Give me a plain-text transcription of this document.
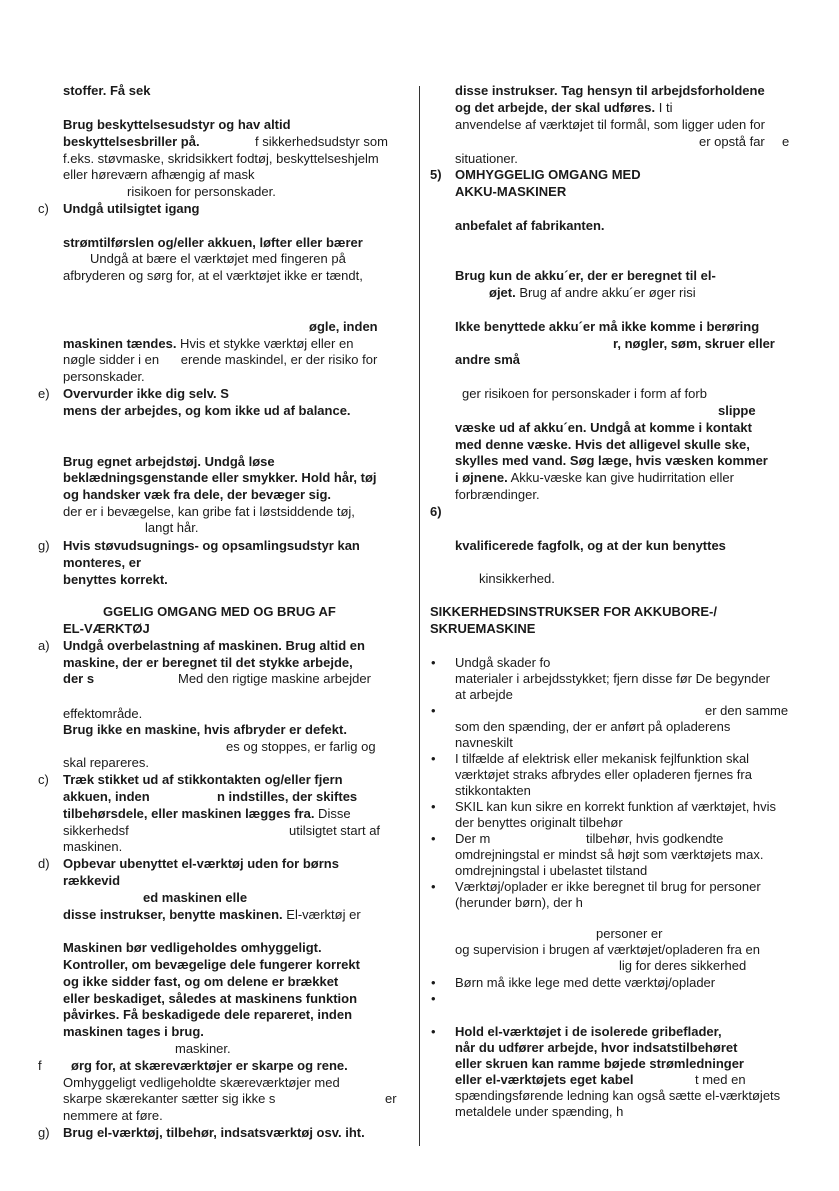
stoffer. Få sek
Brug beskyttelsesudstyr og hav altid
beskyttelsesbriller på.	f sikkerhedsudstyr som
f.eks. støvmaske, skridsikkert fodtøj, beskyttelseshjelm
eller høreværn afhængig af mask
risikoen for personskader.
c) Undgå utilsigtet igang
strømtilførslen og/eller akkuen, løfter eller bærer
Undgå at bære el værktøjet med fingeren på
afbryderen og sørg for, at el værktøjet ikke er tændt,
øgle, inden
maskinen tændes. Hvis et stykke værktøj eller en
nøgle sidder i en      erende maskindel, er der risiko for
personskader.
e) Overvurder ikke dig selv. S
mens der arbejdes, og kom ikke ud af balance.
Brug egnet arbejdstøj. Undgå løse
beklædningsgenstande eller smykker. Hold hår, tøj
og handsker væk fra dele, der bevæger sig.
der er i bevægelse, kan gribe fat i løstsiddende tøj,
langt hår.
g) Hvis støvudsugnings- og opsamlingsudstyr kan
monteres, er
benyttes korrekt.
GGELIG OMGANG MED OG BRUG AF
EL-VÆRKTØJ
a) Undgå overbelastning af maskinen. Brug altid en
maskine, der er beregnet til det stykke arbejde,
der s	Med den rigtige maskine arbejder
effektområde.
Brug ikke en maskine, hvis afbryder er defekt.
es og stoppes, er farlig og
skal repareres.
c) Træk stikket ud af stikkontakten og/eller fjern
akkuen, inden	n indstilles, der skiftes
tilbehørsdele, eller maskinen lægges fra. Disse
sikkerhedsf	utilsigtet start af
maskinen.
d) Opbevar ubenyttet el-værktøj uden for børns
rækkevid
ed maskinen elle
disse instrukser, benytte maskinen. El-værktøj er
Maskinen bør vedligeholdes omhyggeligt.
Kontroller, om bevægelige dele fungerer korrekt
og ikke sidder fast, og om delene er brækket
eller beskadiget, således at maskinens funktion
påvirkes. Få beskadigede dele repareret, inden
maskinen tages i brug.
maskiner.
f ørg for, at skæreværktøjer er skarpe og rene.
Omhyggeligt vedligeholdte skæreværktøjer med
skarpe skærekanter sætter sig ikke s	er
nemmere at føre.
g) Brug el-værktøj, tilbehør, indsatsværktøj osv. iht.
disse instrukser. Tag hensyn til arbejdsforholdene
og det arbejde, der skal udføres. I ti
anvendelse af værktøjet til formål, som ligger uden for
er opstå far e
situationer.
5) OMHYGGELIG OMGANG MED
AKKU-MASKINER
anbefalet af fabrikanten.
Brug kun de akku´er, der er beregnet til el-
øjet. Brug af andre akku´er øger risi
Ikke benyttede akku´er må ikke komme i berøring
r, nøgler, søm, skruer eller
andre små
ger risikoen for personskader i form af forb
slippe
væske ud af akku´en. Undgå at komme i kontakt
med denne væske. Hvis det alligevel skulle ske,
skylles med vand. Søg læge, hvis væsken kommer
i øjnene. Akku-væske kan give hudirritation eller
forbrændinger.
6)
kvalificerede fagfolk, og at der kun benyttes
kinsikkerhed.
SIKKERHEDSINSTRUKSER FOR AKKUBORE-/
SKRUEMASKINE
• Undgå skader fo
materialer i arbejdsstykket; fjern disse før De begynder
at arbejde
•	er den samme
som den spænding, der er anført på opladerens
navneskilt
• I tilfælde af elektrisk eller mekanisk fejlfunktion skal
værktøjet straks afbrydes eller opladeren fjernes fra
stikkontakten
• SKIL kan kun sikre en korrekt funktion af værktøjet, hvis
der benyttes originalt tilbehør
• Der m	tilbehør, hvis godkendte
omdrejningstal er mindst så højt som værktøjets max.
omdrejningstal i ubelastet tilstand
• Værktøj/oplader er ikke beregnet til brug for personer
(herunder børn), der h
personer er
og supervision i brugen af værktøjet/opladeren fra en
lig for deres sikkerhed
• Børn må ikke lege med dette værktøj/oplader
•
• Hold el-værktøjet i de isolerede gribeflader,
når du udfører arbejde, hvor indsatstilbehøret
eller skruen kan ramme bøjede strømledninger
eller el-værktøjets eget kabel	t med en
spændingsførende ledning kan også sætte el-værktøjets
metaldele under spænding, h
